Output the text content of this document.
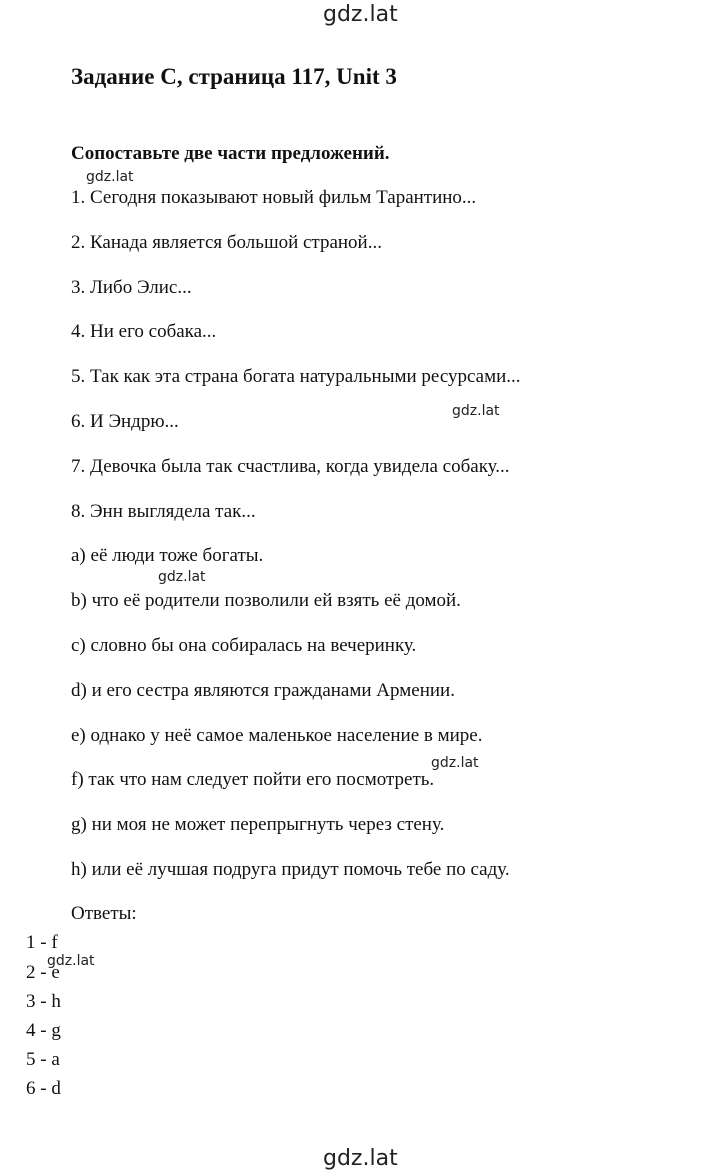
gdz.lat
gdz.lat
gdz.lat
gdz.lat
gdz.lat
gdz.lat
gdz.lat
Задание C, страница 117, Unit 3
Сопоставьте две части предложений.
1. Сегодня показывают новый фильм Тарантино...
2. Канада является большой страной...
3. Либо Элис...
4. Ни его собака...
5. Так как эта страна богата натуральными ресурсами...
6. И Эндрю...
7. Девочка была так счастлива, когда увидела собаку...
8. Энн выглядела так...
a) её люди тоже богаты.
b) что её родители позволили ей взять её домой.
c) словно бы она собиралась на вечеринку.
d) и его сестра являются гражданами Армении.
e) однако у неё самое маленькое население в мире.
f) так что нам следует пойти его посмотреть.
g) ни моя не может перепрыгнуть через стену.
h) или её лучшая подруга придут помочь тебе по саду.
Ответы:
1 - f
2 - e
3 - h
4 - g
5 - a
6 - d
